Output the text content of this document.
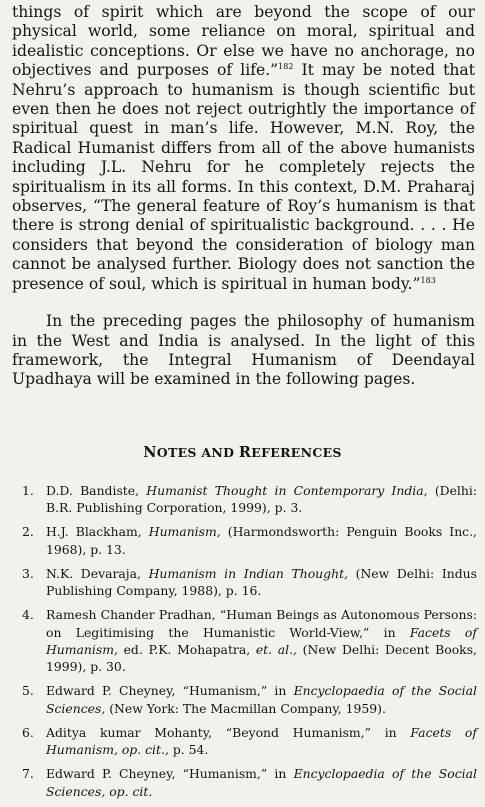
things of spirit which are beyond the scope of our physical world, some reliance on moral, spiritual and idealistic conceptions. Or else we have no anchorage, no objectives and purposes of life.”$^{182}$ It may be noted that Nehru’s approach to humanism is though scientific but even then he does not reject outrightly the importance of spiritual quest in man’s life. However, M.N. Roy, the Radical Humanist differs from all of the above humanists including J.L. Nehru for he completely rejects the spiritualism in its all forms. In this context, D.M. Praharaj observes, “The general feature of Roy’s humanism is that there is strong denial of spiritualistic background. . . . He considers that beyond the consideration of biology man cannot be analysed further. Biology does not sanction the presence of soul, which is spiritual in human body.”$^{183}$

In the preceding pages the philosophy of humanism in the West and India is analysed. In the light of this framework, the Integral Humanism of Deendayal Upadhaya will be examined in the following pages.

NOTES AND REFERENCES
1. D.D. Bandiste, Humanist Thought in Contemporary India, (Delhi: B.R. Publishing Corporation, 1999), p. 3.
2. H.J. Blackham, Humanism, (Harmondsworth: Penguin Books Inc., 1968), p. 13.
3. N.K. Devaraja, Humanism in Indian Thought, (New Delhi: Indus Publishing Company, 1988), p. 16.
4. Ramesh Chander Pradhan, “Human Beings as Autonomous Persons: on Legitimising the Humanistic World-View,” in Facets of Humanism, ed. P.K. Mohapatra, et. al., (New Delhi: Decent Books, 1999), p. 30.
5. Edward P. Cheyney, “Humanism,” in Encyclopaedia of the Social Sciences, (New York: The Macmillan Company, 1959).
6. Aditya kumar Mohanty, “Beyond Humanism,” in Facets of Humanism, op. cit., p. 54.
7. Edward P. Cheyney, “Humanism,” in Encyclopaedia of the Social Sciences, op. cit.
